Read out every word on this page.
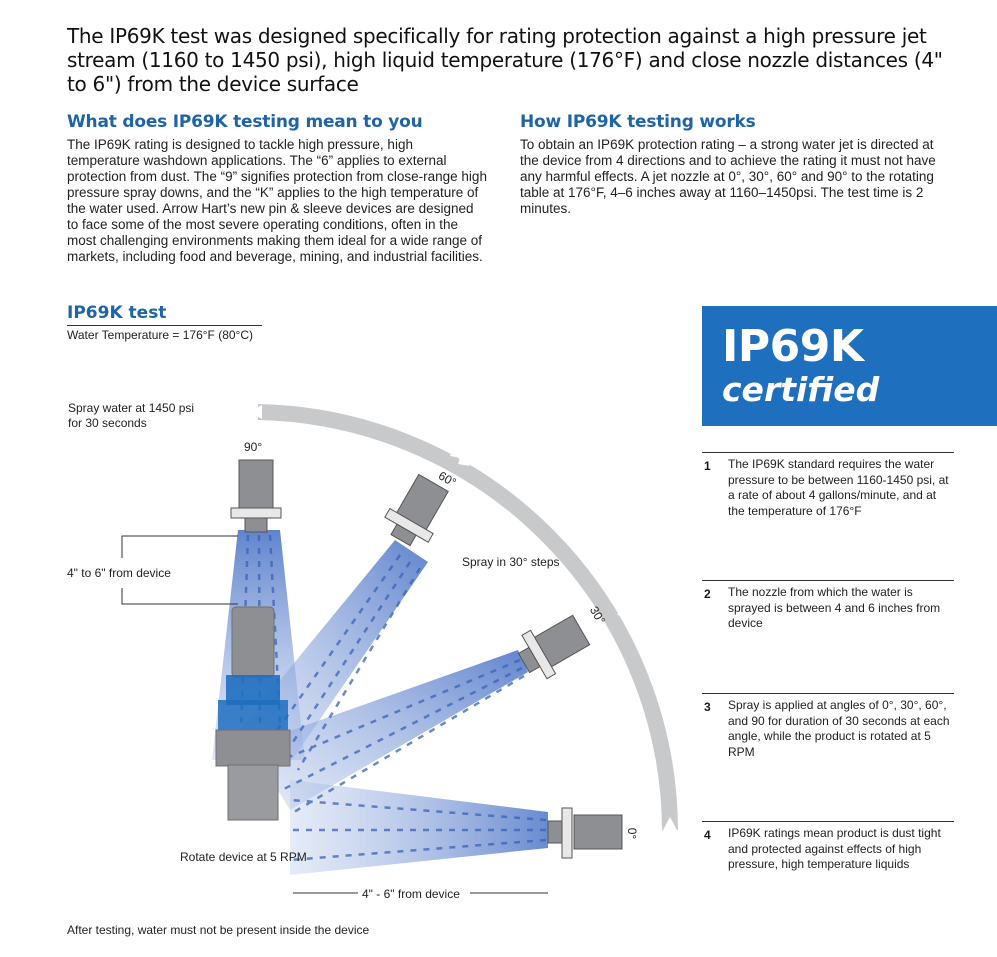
The IP69K test was designed specifically for rating protection against a high pressure jet stream (1160 to 1450 psi), high liquid temperature (176°F) and close nozzle distances (4" to 6") from the device surface
What does IP69K testing mean to you
The IP69K rating is designed to tackle high pressure, high temperature washdown applications. The “6” applies to external protection from dust. The “9” signifies protection from close-range high pressure spray downs, and the “K” applies to the high temperature of the water used. Arrow Hart’s new pin & sleeve devices are designed to face some of the most severe operating conditions, often in the most challenging environments making them ideal for a wide range of markets, including food and beverage, mining, and industrial facilities.
How IP69K testing works
To obtain an IP69K protection rating – a strong water jet is directed at the device from 4 directions and to achieve the rating it must not have any harmful effects. A jet nozzle at 0°, 30°, 60° and 90° to the rotating table at 176°F, 4–6 inches away at 1160–1450psi. The test time is 2 minutes.
IP69K test
Water Temperature = 176°F (80°C)
Spray water at 1450 psi
for 30 seconds
90°
60°
30°
0°
Spray in 30° steps
4" to 6" from device
Rotate device at 5 RPM
4" - 6" from device
After testing, water must not be present inside the device
IP69K
certified
1 The IP69K standard requires the water pressure to be between 1160-1450 psi, at a rate of about 4 gallons/minute, and at the temperature of 176°F
2 The nozzle from which the water is sprayed is between 4 and 6 inches from device
3 Spray is applied at angles of 0°, 30°, 60°, and 90 for duration of 30 seconds at each angle, while the product is rotated at 5 RPM
4 IP69K ratings mean product is dust tight and protected against effects of high pressure, high temperature liquids
